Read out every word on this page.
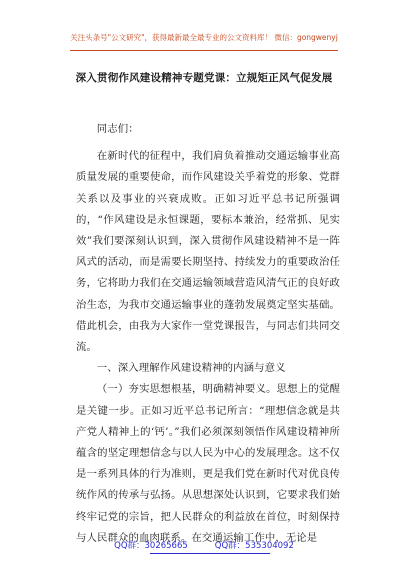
关注头条号"公文研究"，获得最新最全最专业的公文资料库！ 微信：gongwenyj
深入贯彻作风建设精神专题党课：立规矩正风气促发展

同志们：

在新时代的征程中，我们肩负着推动交通运输事业高质量发展的重要使命，而作风建设关乎着党的形象、党群关系以及事业的兴衰成败。正如习近平总书记所强调的，“作风建设是永恒课题，要标本兼治，经常抓、见实效”我们要深刻认识到，深入贯彻作风建设精神不是一阵风式的活动，而是需要长期坚持、持续发力的重要政治任务，它将助力我们在交通运输领域营造风清气正的良好政治生态，为我市交通运输事业的蓬勃发展奠定坚实基础。借此机会，由我为大家作一堂党课报告，与同志们共同交流。

一、深入理解作风建设精神的内涵与意义

（一）夯实思想根基，明确精神要义。思想上的觉醒是关键一步。正如习近平总书记所言：“理想信念就是共产党人精神上的‘钙’。”我们必须深刻领悟作风建设精神所蕴含的坚定理想信念与以人民为中心的发展理念。这不仅是一系列具体的行为准则，更是我们党在新时代对优良传统作风的传承与弘扬。从思想深处认识到，它要求我们始终牢记党的宗旨，把人民群众的利益放在首位，时刻保持与人民群众的血肉联系。在交通运输工作中，无论是

QQ群：30265665          QQ群：535304092
